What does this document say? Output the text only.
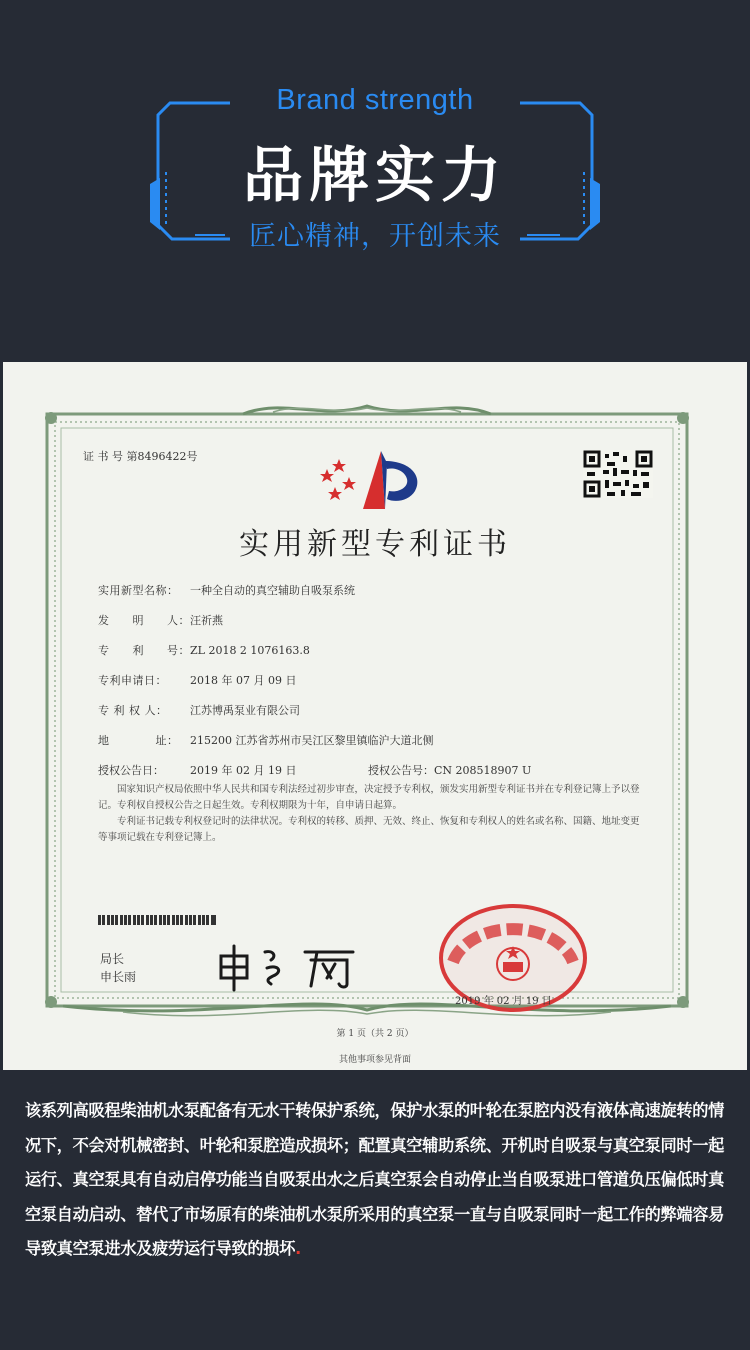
Brand strength
品牌实力
匠心精神，开创未来
证 书 号 第8496422号
实用新型专利证书
实用新型名称： 一种全自动的真空辅助自吸泵系统
发　　明　　人：汪祈燕
专　　利　　号：ZL 2018 2 1076163.8
专利申请日： 2018 年 07 月 09 日
专 利 权 人： 江苏博禹泵业有限公司
地　　　　址： 215200 江苏省苏州市吴江区黎里镇临沪大道北侧
授权公告日： 2019 年 02 月 19 日	授权公告号：CN 208518907 U

国家知识产权局依照中华人民共和国专利法经过初步审查，决定授予专利权，颁发实用新型专利证书并在专利登记簿上予以登记。专利权自授权公告之日起生效。专利权期限为十年，自申请日起算。

专利证书记载专利权登记时的法律状况。专利权的转移、质押、无效、终止、恢复和专利权人的姓名或名称、国籍、地址变更等事项记载在专利登记簿上。

局长
申长雨
2019 年 02 月 19 日
第 1 页（共 2 页）
其他事项参见背面
该系列高吸程柴油机水泵配备有无水干转保护系统，保护水泵的叶轮在泵腔内没有液体高速旋转的情况下，不会对机械密封、叶轮和泵腔造成损坏；配置真空辅助系统、开机时自吸泵与真空泵同时一起运行、真空泵具有自动启停功能当自吸泵出水之后真空泵会自动停止当自吸泵进口管道负压偏低时真空泵自动启动、替代了市场原有的柴油机水泵所采用的真空泵一直与自吸泵同时一起工作的弊端容易导致真空泵进水及疲劳运行导致的损坏.
